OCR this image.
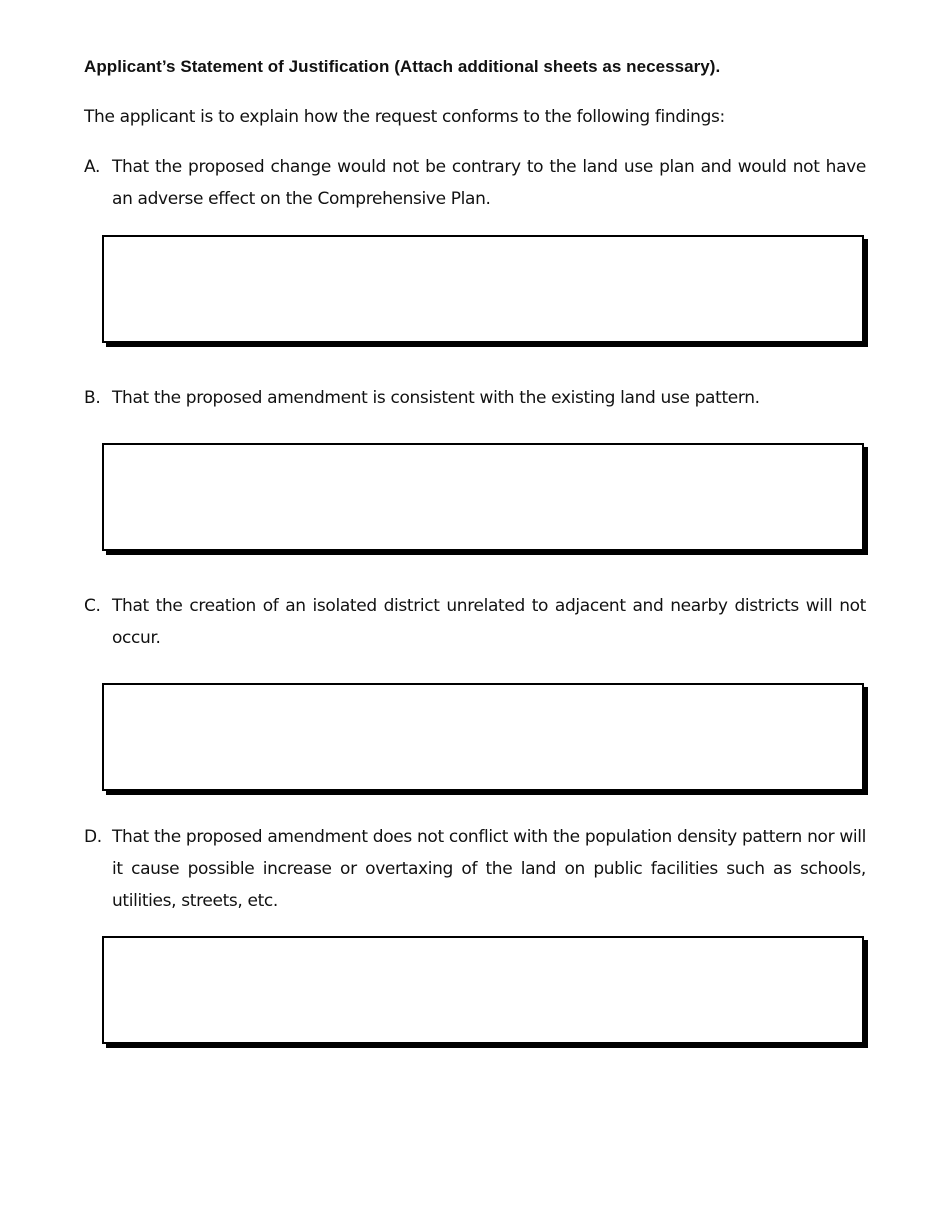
Applicant’s Statement of Justification (Attach additional sheets as necessary).
The applicant is to explain how the request conforms to the following findings:
A. That the proposed change would not be contrary to the land use plan and would not have an adverse effect on the Comprehensive Plan.
B. That the proposed amendment is consistent with the existing land use pattern.
C. That the creation of an isolated district unrelated to adjacent and nearby districts will not occur.
D. That the proposed amendment does not conflict with the population density pattern nor will it cause possible increase or overtaxing of the land on public facilities such as schools, utilities, streets, etc.
